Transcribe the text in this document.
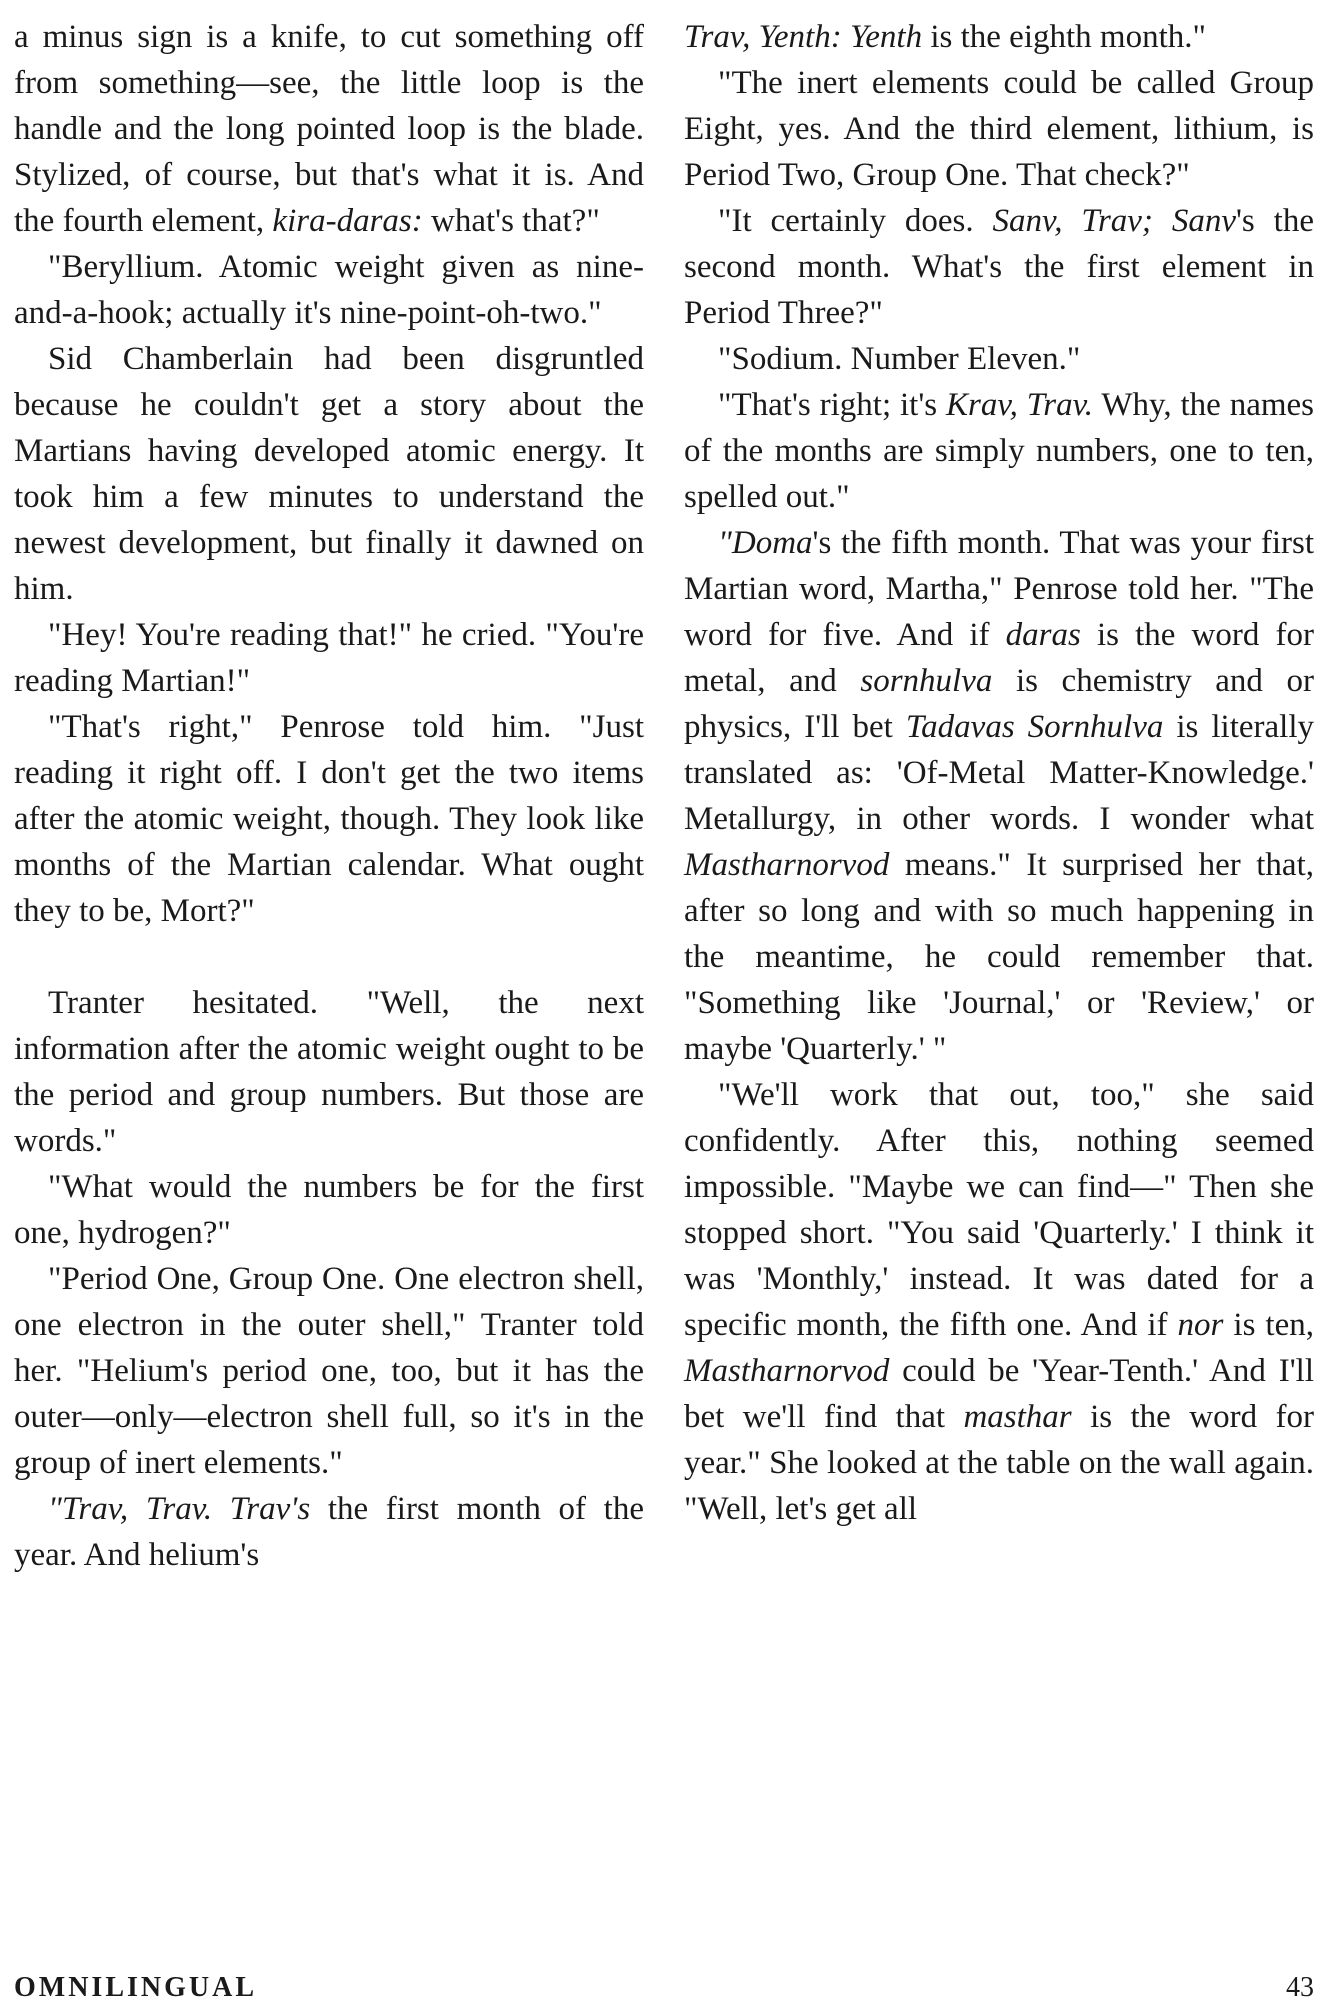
a minus sign is a knife, to cut something off from something—see, the little loop is the handle and the long pointed loop is the blade. Stylized, of course, but that's what it is. And the fourth element, kira-daras: what's that?"

"Beryllium. Atomic weight given as nine-and-a-hook; actually it's nine-point-oh-two."

Sid Chamberlain had been disgruntled because he couldn't get a story about the Martians having developed atomic energy. It took him a few minutes to understand the newest development, but finally it dawned on him.

"Hey! You're reading that!" he cried. "You're reading Martian!"

"That's right," Penrose told him. "Just reading it right off. I don't get the two items after the atomic weight, though. They look like months of the Martian calendar. What ought they to be, Mort?"

Tranter hesitated. "Well, the next information after the atomic weight ought to be the period and group numbers. But those are words."

"What would the numbers be for the first one, hydrogen?"

"Period One, Group One. One electron shell, one electron in the outer shell," Tranter told her. "Helium's period one, too, but it has the outer—only—electron shell full, so it's in the group of inert elements."

"Trav, Trav. Trav's the first month of the year. And helium's

Trav, Yenth: Yenth is the eighth month."

"The inert elements could be called Group Eight, yes. And the third element, lithium, is Period Two, Group One. That check?"

"It certainly does. Sanv, Trav; Sanv's the second month. What's the first element in Period Three?"

"Sodium. Number Eleven."

"That's right; it's Krav, Trav. Why, the names of the months are simply numbers, one to ten, spelled out."

"Doma's the fifth month. That was your first Martian word, Martha," Penrose told her. "The word for five. And if daras is the word for metal, and sornhulva is chemistry and or physics, I'll bet Tadavas Sornhulva is literally translated as: 'Of-Metal Matter-Knowledge.' Metallurgy, in other words. I wonder what Mastharnorvod means." It surprised her that, after so long and with so much happening in the meantime, he could remember that. "Something like 'Journal,' or 'Review,' or maybe 'Quarterly.' "

"We'll work that out, too," she said confidently. After this, nothing seemed impossible. "Maybe we can find—" Then she stopped short. "You said 'Quarterly.' I think it was 'Monthly,' instead. It was dated for a specific month, the fifth one. And if nor is ten, Mastharnorvod could be 'Year-Tenth.' And I'll bet we'll find that masthar is the word for year." She looked at the table on the wall again. "Well, let's get all

OMNILINGUAL	43
